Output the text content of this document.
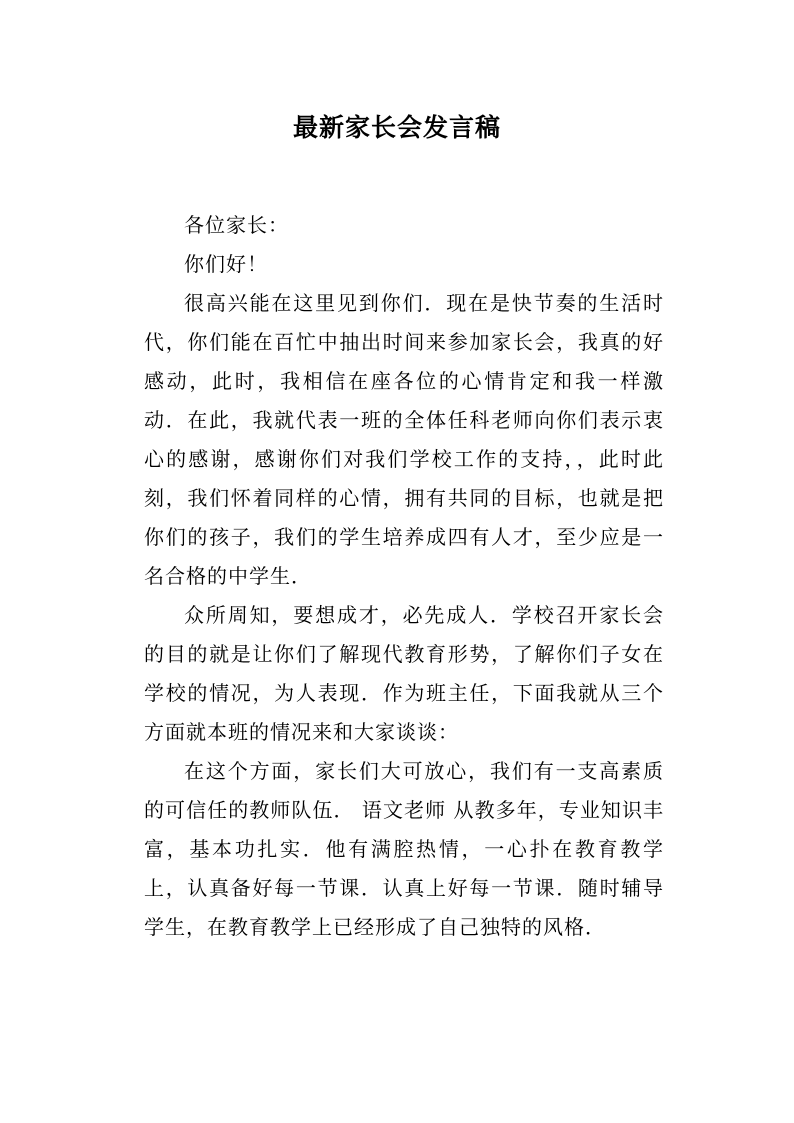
最新家长会发言稿

各位家长：

你们好！

很高兴能在这里见到你们．现在是快节奏的生活时代，你们能在百忙中抽出时间来参加家长会，我真的好感动，此时，我相信在座各位的心情肯定和我一样激动．在此，我就代表一班的全体任科老师向你们表示衷心的感谢，感谢你们对我们学校工作的支持，，此时此刻，我们怀着同样的心情，拥有共同的目标，也就是把你们的孩子，我们的学生培养成四有人才，至少应是一名合格的中学生．

众所周知，要想成才，必先成人．学校召开家长会的目的就是让你们了解现代教育形势，了解你们子女在学校的情况，为人表现．作为班主任，下面我就从三个方面就本班的情况来和大家谈谈：

在这个方面，家长们大可放心，我们有一支高素质的可信任的教师队伍． 语文老师 从教多年，专业知识丰富，基本功扎实．他有满腔热情，一心扑在教育教学上，认真备好每一节课．认真上好每一节课．随时辅导学生，在教育教学上已经形成了自己独特的风格．
